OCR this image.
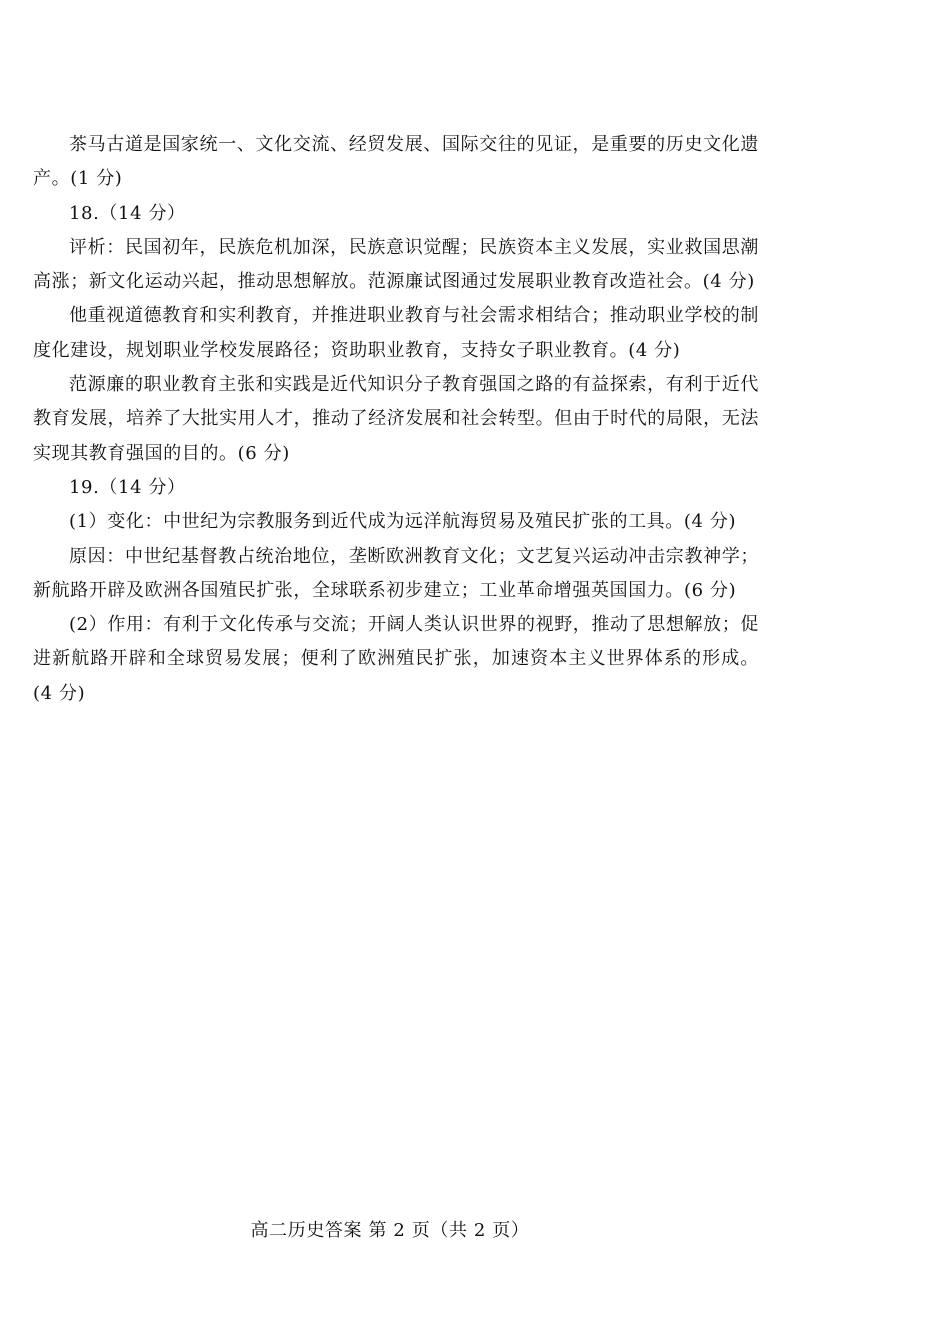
茶马古道是国家统一、文化交流、经贸发展、国际交往的见证，是重要的历史文化遗产。(1 分)

18.（14 分）

评析：民国初年，民族危机加深，民族意识觉醒；民族资本主义发展，实业救国思潮高涨；新文化运动兴起，推动思想解放。范源廉试图通过发展职业教育改造社会。(4 分)

他重视道德教育和实利教育，并推进职业教育与社会需求相结合；推动职业学校的制度化建设，规划职业学校发展路径；资助职业教育，支持女子职业教育。(4 分)

范源廉的职业教育主张和实践是近代知识分子教育强国之路的有益探索，有利于近代教育发展，培养了大批实用人才，推动了经济发展和社会转型。但由于时代的局限，无法实现其教育强国的目的。(6 分)

19.（14 分）

(1）变化：中世纪为宗教服务到近代成为远洋航海贸易及殖民扩张的工具。(4 分)

原因：中世纪基督教占统治地位，垄断欧洲教育文化；文艺复兴运动冲击宗教神学；新航路开辟及欧洲各国殖民扩张，全球联系初步建立；工业革命增强英国国力。(6 分)

(2）作用：有利于文化传承与交流；开阔人类认识世界的视野，推动了思想解放；促进新航路开辟和全球贸易发展；便利了欧洲殖民扩张，加速资本主义世界体系的形成。(4 分)

高二历史答案 第 2 页（共 2 页）
